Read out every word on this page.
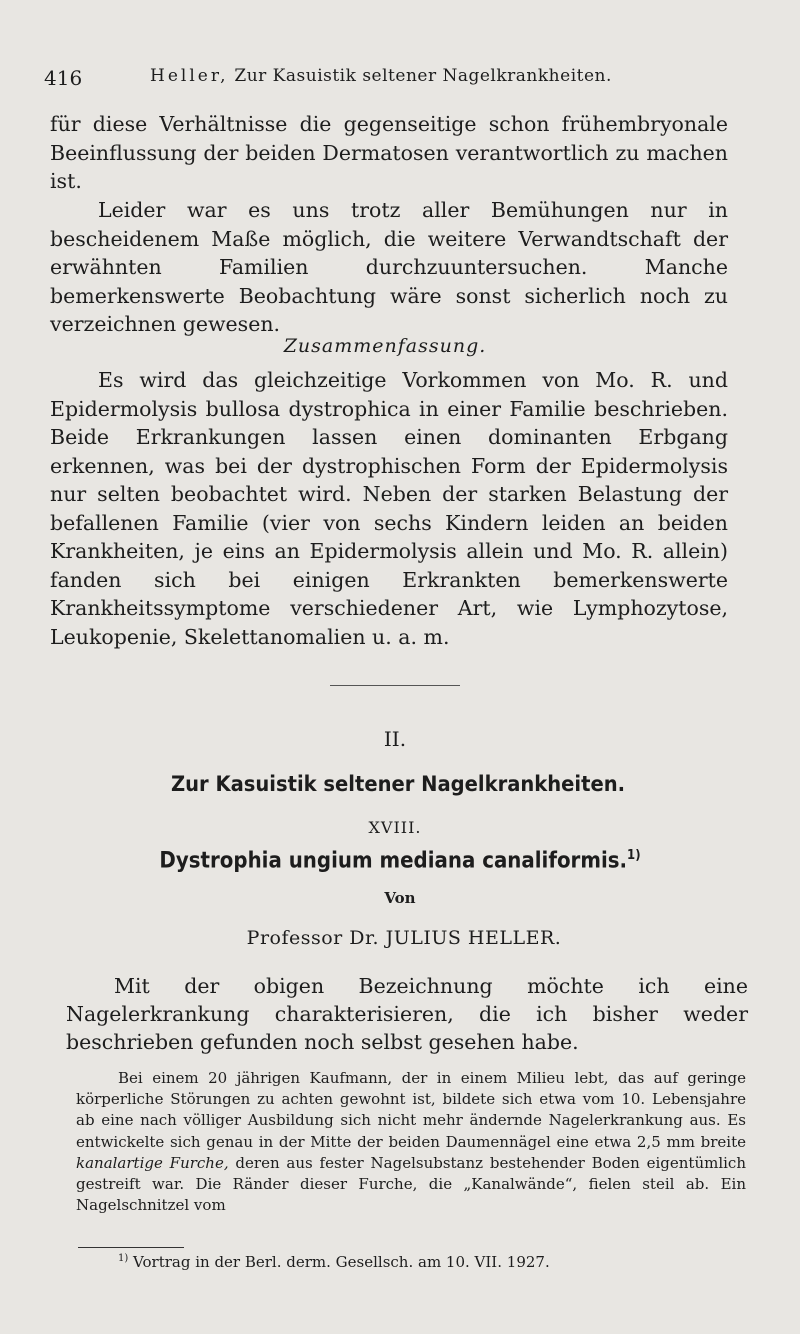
416	Heller, Zur Kasuistik seltener Nagelkrankheiten.

für diese Verhältnisse die gegenseitige schon frühembryonale Beeinflussung der beiden Dermatosen verantwortlich zu machen ist.

Leider war es uns trotz aller Bemühungen nur in bescheidenem Maße möglich, die weitere Verwandtschaft der erwähnten Familien durchzuuntersuchen. Manche bemerkenswerte Beobachtung wäre sonst sicherlich noch zu verzeichnen gewesen.

Zusammenfassung.

Es wird das gleichzeitige Vorkommen von Mo. R. und Epidermolysis bullosa dystrophica in einer Familie beschrieben. Beide Erkrankungen lassen einen dominanten Erbgang erkennen, was bei der dystrophischen Form der Epidermolysis nur selten beobachtet wird. Neben der starken Belastung der befallenen Familie (vier von sechs Kindern leiden an beiden Krankheiten, je eins an Epidermolysis allein und Mo. R. allein) fanden sich bei einigen Erkrankten bemerkenswerte Krankheitssymptome verschiedener Art, wie Lymphozytose, Leukopenie, Skelettanomalien u. a. m.

II.
Zur Kasuistik seltener Nagelkrankheiten.
XVIII.
Dystrophia ungium mediana canaliformis.$^{1)}$
Von
Professor Dr. JULIUS HELLER.

Mit der obigen Bezeichnung möchte ich eine Nagelerkrankung charakterisieren, die ich bisher weder beschrieben gefunden noch selbst gesehen habe.

Bei einem 20 jährigen Kaufmann, der in einem Milieu lebt, das auf geringe körperliche Störungen zu achten gewohnt ist, bildete sich etwa vom 10. Lebensjahre ab eine nach völliger Ausbildung sich nicht mehr ändernde Nagelerkrankung aus. Es entwickelte sich genau in der Mitte der beiden Daumennägel eine etwa 2,5 mm breite kanalartige Furche, deren aus fester Nagelsubstanz bestehender Boden eigentümlich gestreift war. Die Ränder dieser Furche, die „Kanalwände“, fielen steil ab. Ein Nagelschnitzel vom

$^{1)}$ Vortrag in der Berl. derm. Gesellsch. am 10. VII. 1927.
